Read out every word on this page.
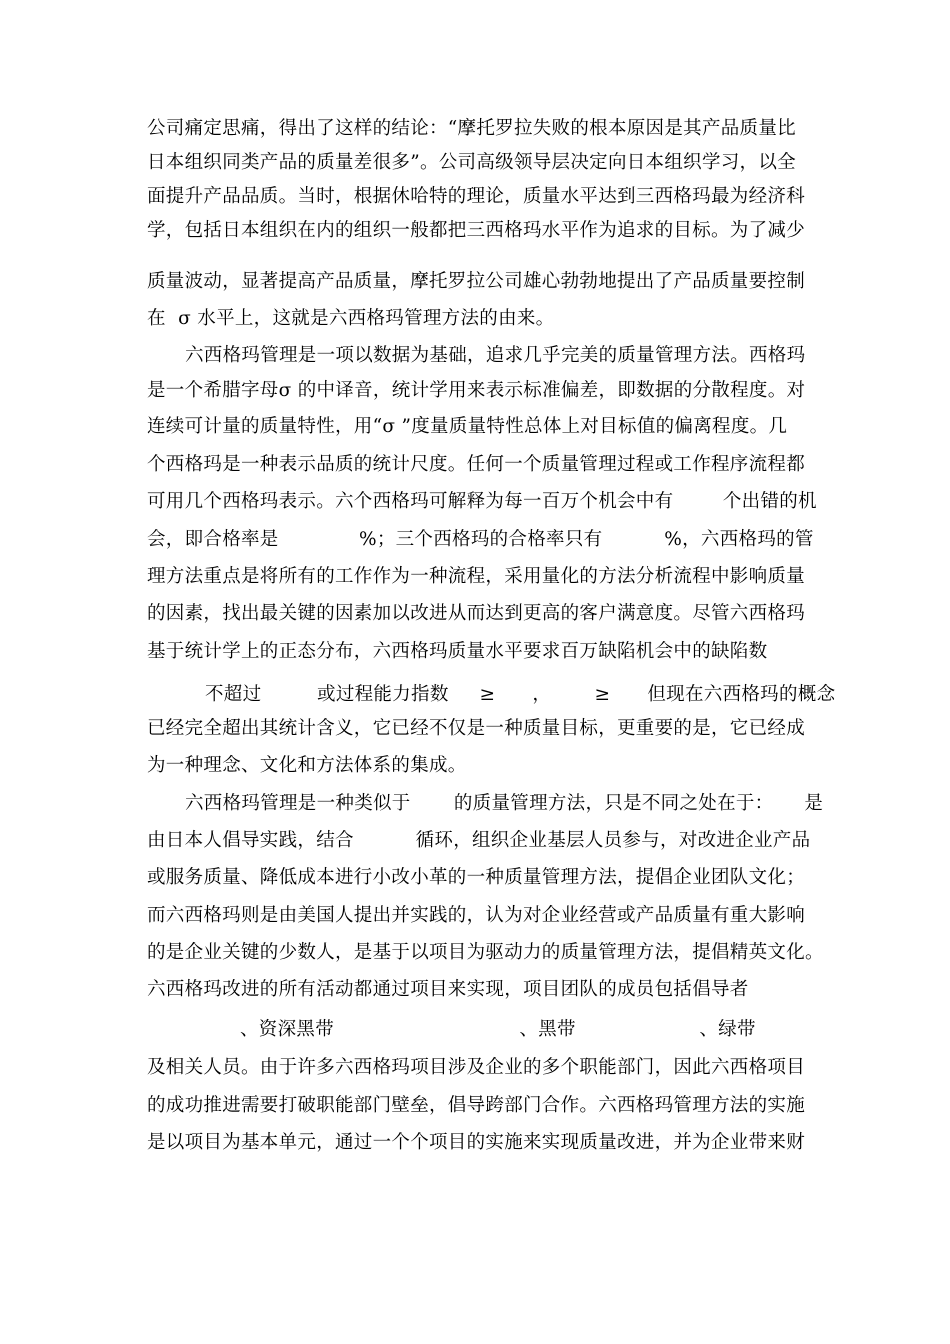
公司痛定思痛，得出了这样的结论：“摩托罗拉失败的根本原因是其产品质量比
日本组织同类产品的质量差很多”。公司高级领导层决定向日本组织学习，以全
面提升产品品质。当时，根据休哈特的理论，质量水平达到三西格玛最为经济科
学，包括日本组织在内的组织一般都把三西格玛水平作为追求的目标。为了减少
质量波动，显著提高产品质量，摩托罗拉公司雄心勃勃地提出了产品质量要控制
在  σ 水平上，这就是六西格玛管理方法的由来。
六西格玛管理是一项以数据为基础，追求几乎完美的质量管理方法。西格玛
是一个希腊字母σ 的中译音，统计学用来表示标准偏差，即数据的分散程度。对
连续可计量的质量特性，用“σ ”度量质量特性总体上对目标值的偏离程度。几
个西格玛是一种表示品质的统计尺度。任何一个质量管理过程或工作程序流程都
可用几个西格玛表示。六个西格玛可解释为每一百万个机会中有        个出错的机
会，即合格率是             %；三个西格玛的合格率只有          %，六西格玛的管
理方法重点是将所有的工作作为一种流程，采用量化的方法分析流程中影响质量
的因素，找出最关键的因素加以改进从而达到更高的客户满意度。尽管六西格玛
基于统计学上的正态分布，六西格玛质量水平要求百万缺陷机会中的缺陷数
不超过         或过程能力指数     ≥      ，       ≥      但现在六西格玛的概念
已经完全超出其统计含义，它已经不仅是一种质量目标，更重要的是，它已经成
为一种理念、文化和方法体系的集成。
六西格玛管理是一种类似于       的质量管理方法，只是不同之处在于：     是
由日本人倡导实践，结合          循环，组织企业基层人员参与，对改进企业产品
或服务质量、降低成本进行小改小革的一种质量管理方法，提倡企业团队文化；
而六西格玛则是由美国人提出并实践的，认为对企业经营或产品质量有重大影响
的是企业关键的少数人，是基于以项目为驱动力的质量管理方法，提倡精英文化。
六西格玛改进的所有活动都通过项目来实现，项目团队的成员包括倡导者
、资深黑带                              、黑带                    、绿带
及相关人员。由于许多六西格玛项目涉及企业的多个职能部门，因此六西格项目
的成功推进需要打破职能部门壁垒，倡导跨部门合作。六西格玛管理方法的实施
是以项目为基本单元，通过一个个项目的实施来实现质量改进，并为企业带来财
